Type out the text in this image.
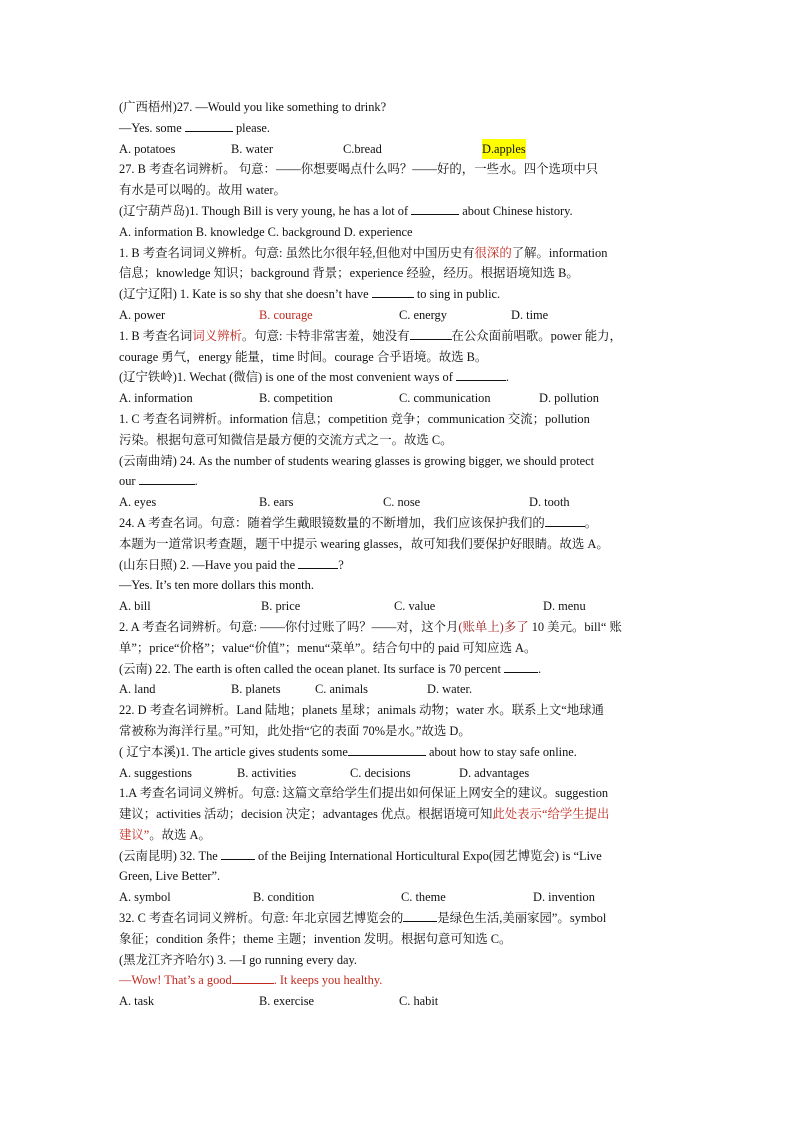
(广西梧州)27. —Would you like something to drink?
—Yes. some	please.
A. potatoes	B. water	C.bread	D.apples
27. B 考查名词辨析。 句意：——你想要喝点什么吗？——好的，一些水。四个选项中只
有水是可以喝的。故用 water。
(辽宁葫芦岛)1. Though Bill is very young, he has a lot of	about Chinese history.
A. information B. knowledge C. background D. experience
1. B 考查名词词义辨析。句意: 虽然比尔很年轻,但他对中国历史有很深的了解。information
信息；knowledge 知识；background 背景；experience 经验，经历。根据语境知选 B。
(辽宁辽阳) 1. Kate is so shy that she doesn’t have	to sing in public.
A. power	B. courage	C. energy	D. time
1. B 考查名词词义辨析。句意: 卡特非常害羞，她没有	在公众面前唱歌。power 能力，
courage 勇气，energy 能量，time 时间。courage 合乎语境。故选 B。
(辽宁铁岭)1. Wechat (微信) is one of the most convenient ways of	.
A. information	B. competition	C. communication	D. pollution
1. C 考查名词辨析。information 信息；competition 竞争；communication 交流；pollution
污染。根据句意可知微信是最方便的交流方式之一。故选 C。
(云南曲靖) 24. As the number of students wearing glasses is growing bigger, we should protect
our	.
A. eyes	B. ears	C. nose	D. tooth
24. A 考查名词。句意：随着学生戴眼镜数量的不断增加，我们应该保护我们的	。
本题为一道常识考查题，题干中提示 wearing glasses，故可知我们要保护好眼睛。故选 A。
(山东日照) 2. —Have you paid the	?
—Yes. It’s ten more dollars this month.
A. bill	B. price	C. value	D. menu
2. A 考查名词辨析。句意: ——你付过账了吗？——对，这个月(账单上)多了 10 美元。bill“ 账
单”；price“价格”；value“价值”；menu“菜单”。结合句中的 paid 可知应选 A。
(云南) 22. The earth is often called the ocean planet. Its surface is 70 percent	.
A. land	B. planets	C. animals	D. water.
22. D 考查名词辨析。Land 陆地；planets 星球；animals 动物；water 水。联系上文“地球通
常被称为海洋行星。”可知，此处指“它的表面 70%是水。”故选 D。
( 辽宁本溪)1. The article gives students some	about how to stay safe online.
A. suggestions	B. activities	C. decisions	D. advantages
1.A 考查名词词义辨析。句意: 这篇文章给学生们提出如何保证上网安全的建议。suggestion
建议；activities 活动；decision 决定；advantages 优点。根据语境可知此处表示“给学生提出
建议”。故选 A。
(云南昆明) 32. The	of the Beijing International Horticultural Expo(园艺博览会) is “Live
Green, Live Better”.
A. symbol	B. condition	C. theme	D. invention
32. C 考查名词词义辨析。句意: 年北京园艺博览会的	是绿色生活,美丽家园”。symbol
象征；condition 条件；theme 主题；invention 发明。根据句意可知选 C。
(黑龙江齐齐哈尔) 3. —I go running every day.
—Wow! That’s a good	. It keeps you healthy.
A. task	B. exercise	C. habit
